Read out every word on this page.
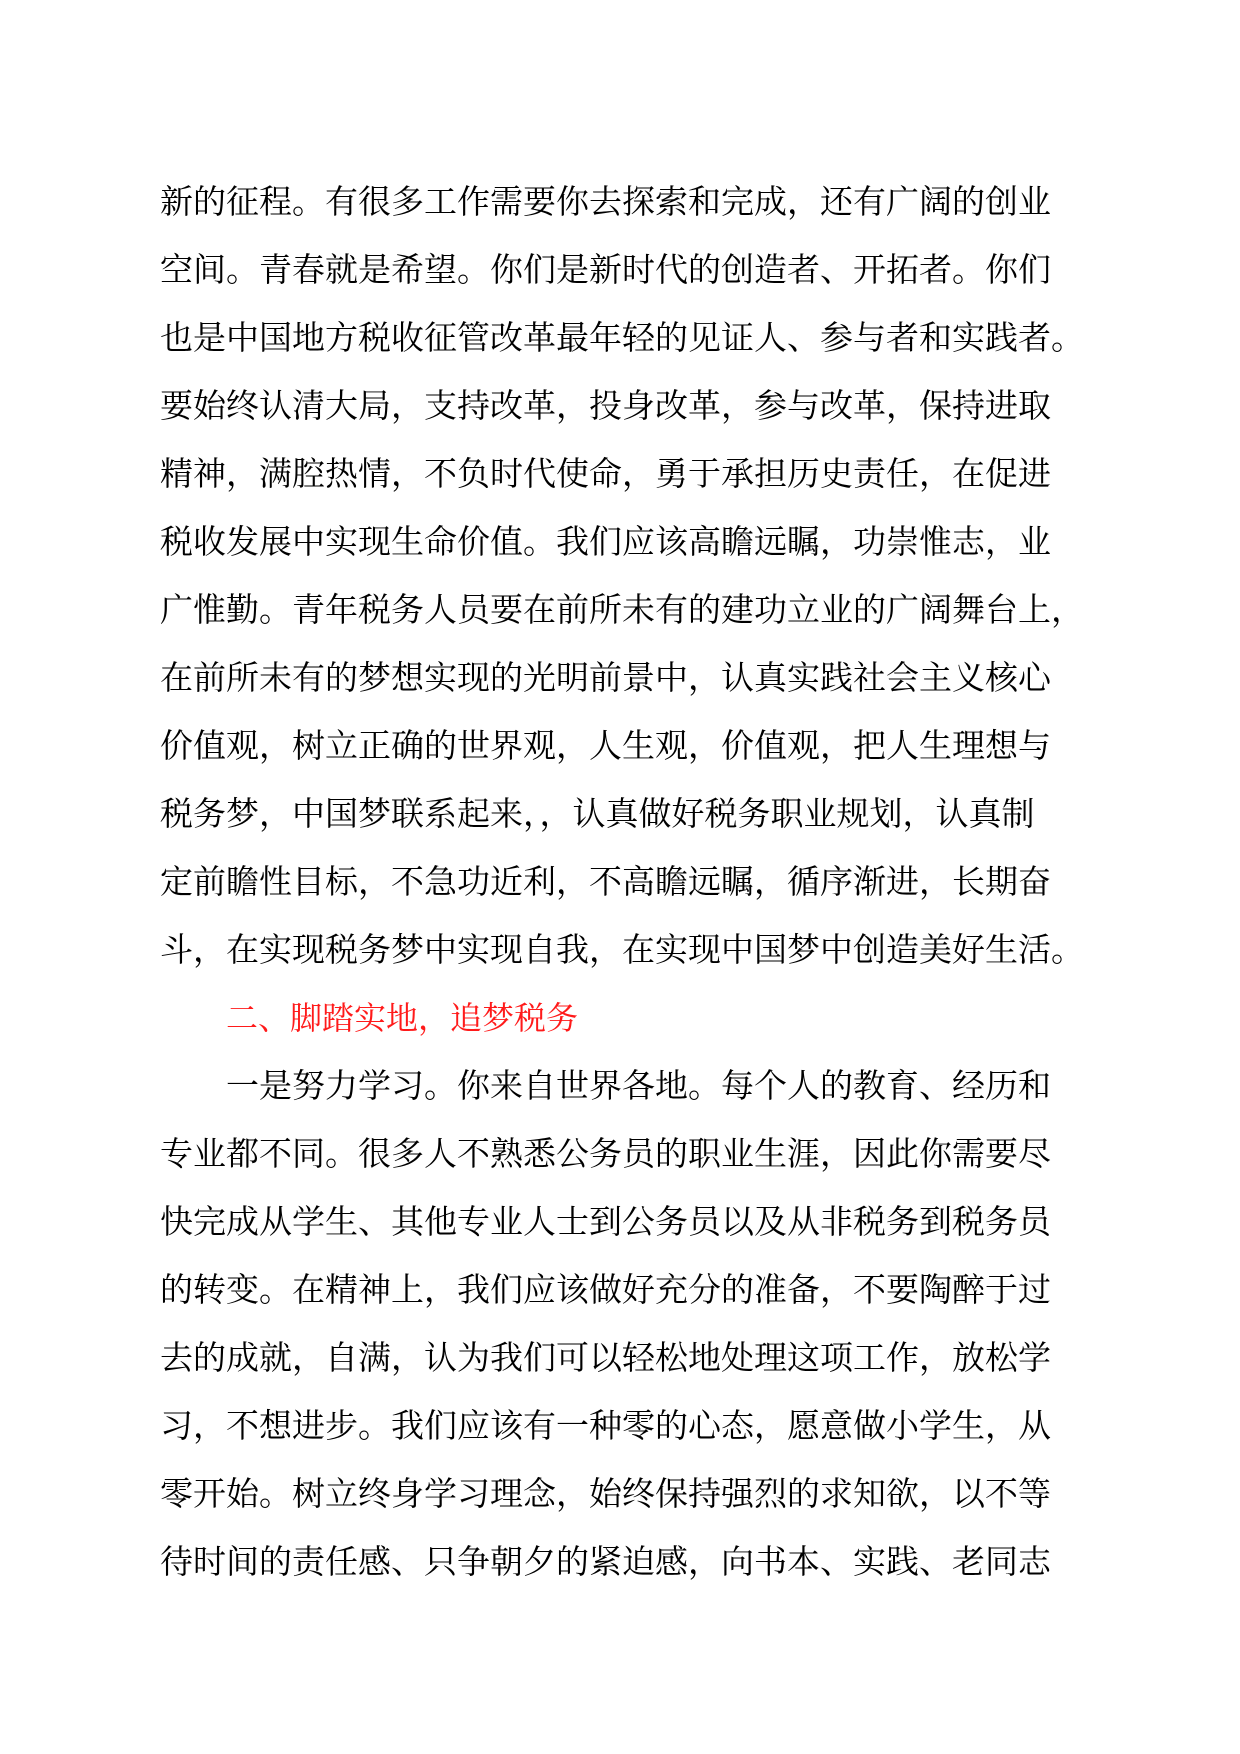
新的征程。有很多工作需要你去探索和完成，还有广阔的创业
空间。青春就是希望。你们是新时代的创造者、开拓者。你们
也是中国地方税收征管改革最年轻的见证人、参与者和实践者。
要始终认清大局，支持改革，投身改革，参与改革，保持进取
精神，满腔热情，不负时代使命，勇于承担历史责任，在促进
税收发展中实现生命价值。我们应该高瞻远瞩，功崇惟志，业
广惟勤。青年税务人员要在前所未有的建功立业的广阔舞台上，
在前所未有的梦想实现的光明前景中，认真实践社会主义核心
价值观，树立正确的世界观，人生观，价值观，把人生理想与
税务梦，中国梦联系起来，，认真做好税务职业规划，认真制
定前瞻性目标，不急功近利，不高瞻远瞩，循序渐进，长期奋
斗，在实现税务梦中实现自我，在实现中国梦中创造美好生活。
二、脚踏实地，追梦税务
一是努力学习。你来自世界各地。每个人的教育、经历和
专业都不同。很多人不熟悉公务员的职业生涯，因此你需要尽
快完成从学生、其他专业人士到公务员以及从非税务到税务员
的转变。在精神上，我们应该做好充分的准备，不要陶醉于过
去的成就，自满，认为我们可以轻松地处理这项工作，放松学
习，不想进步。我们应该有一种零的心态，愿意做小学生，从
零开始。树立终身学习理念，始终保持强烈的求知欲，以不等
待时间的责任感、只争朝夕的紧迫感，向书本、实践、老同志
